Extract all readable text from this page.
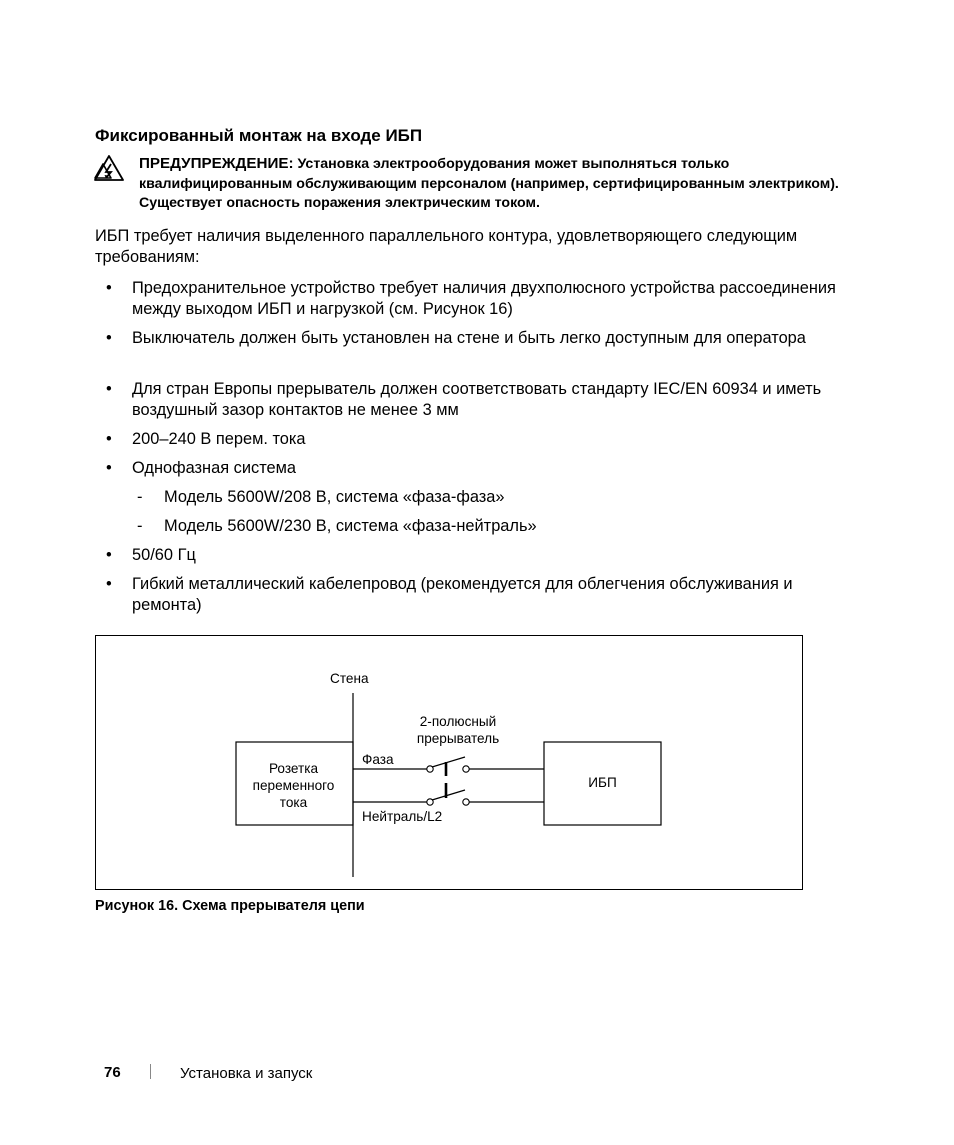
Фиксированный монтаж на входе ИБП
ПРЕДУПРЕЖДЕНИЕ: Установка электрооборудования может выполняться только квалифицированным обслуживающим персоналом (например, сертифицированным электриком). Существует опасность поражения электрическим током.
ИБП требует наличия выделенного параллельного контура, удовлетворяющего следующим требованиям:
• Предохранительное устройство требует наличия двухполюсного устройства рассоединения между выходом ИБП и нагрузкой (см. Рисунок 16)
• Выключатель должен быть установлен на стене и быть легко доступным для оператора
• Для стран Европы прерыватель должен соответствовать стандарту IEC/EN 60934 и иметь воздушный зазор контактов не менее 3 мм
• 200–240 В перем. тока
• Однофазная система
- Модель 5600W/208 В, система «фаза-фаза»
- Модель 5600W/230 В, система «фаза-нейтраль»
• 50/60 Гц
• Гибкий металлический кабелепровод (рекомендуется для облегчения обслуживания и ремонта)
Стена
2-полюсный
прерыватель
Розетка
переменного
тока
Фаза
Нейтраль/L2
ИБП
Рисунок 16. Схема прерывателя цепи
76	Установка и запуск
